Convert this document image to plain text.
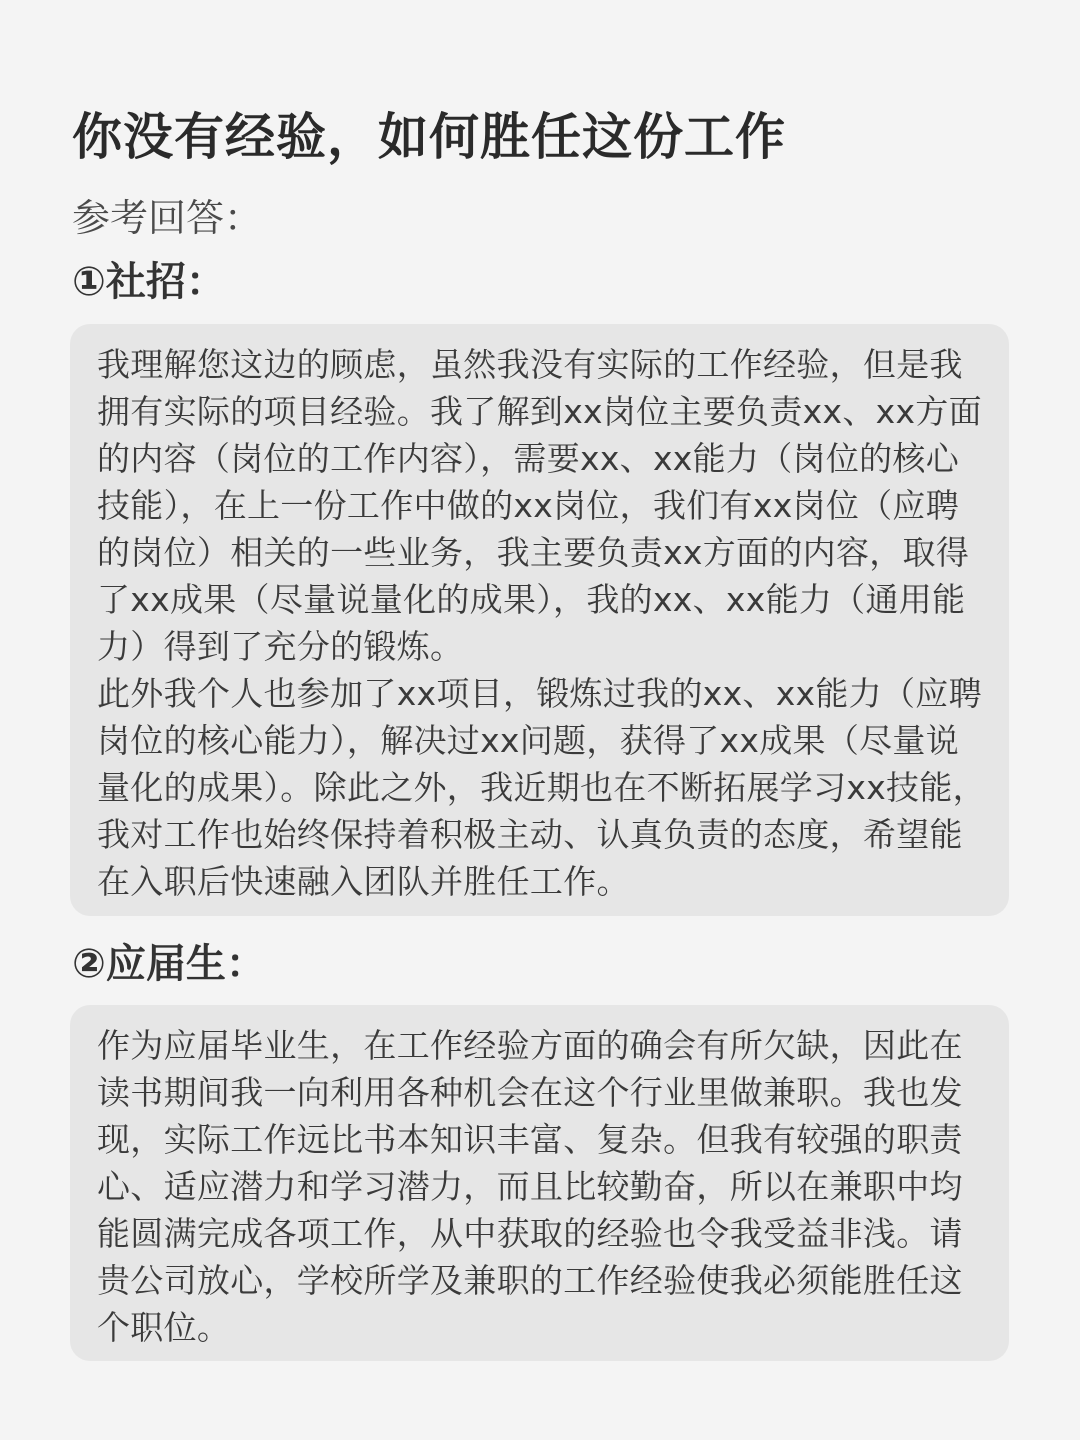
你没有经验，如何胜任这份工作
参考回答：
①社招：

我理解您这边的顾虑，虽然我没有实际的工作经验，但是我拥有实际的项目经验。我了解到xx岗位主要负责xx、xx方面的内容（岗位的工作内容），需要xx、xx能力（岗位的核心技能），在上一份工作中做的xx岗位，我们有xx岗位（应聘的岗位）相关的一些业务，我主要负责xx方面的内容，取得了xx成果（尽量说量化的成果），我的xx、xx能力（通用能力）得到了充分的锻炼。

此外我个人也参加了xx项目，锻炼过我的xx、xx能力（应聘岗位的核心能力），解决过xx问题，获得了xx成果（尽量说量化的成果）。除此之外，我近期也在不断拓展学习xx技能，我对工作也始终保持着积极主动、认真负责的态度，希望能在入职后快速融入团队并胜任工作。

②应届生：

作为应届毕业生，在工作经验方面的确会有所欠缺，因此在读书期间我一向利用各种机会在这个行业里做兼职。我也发现，实际工作远比书本知识丰富、复杂。但我有较强的职责心、适应潜力和学习潜力，而且比较勤奋，所以在兼职中均能圆满完成各项工作，从中获取的经验也令我受益非浅。请贵公司放心，学校所学及兼职的工作经验使我必须能胜任这个职位。
